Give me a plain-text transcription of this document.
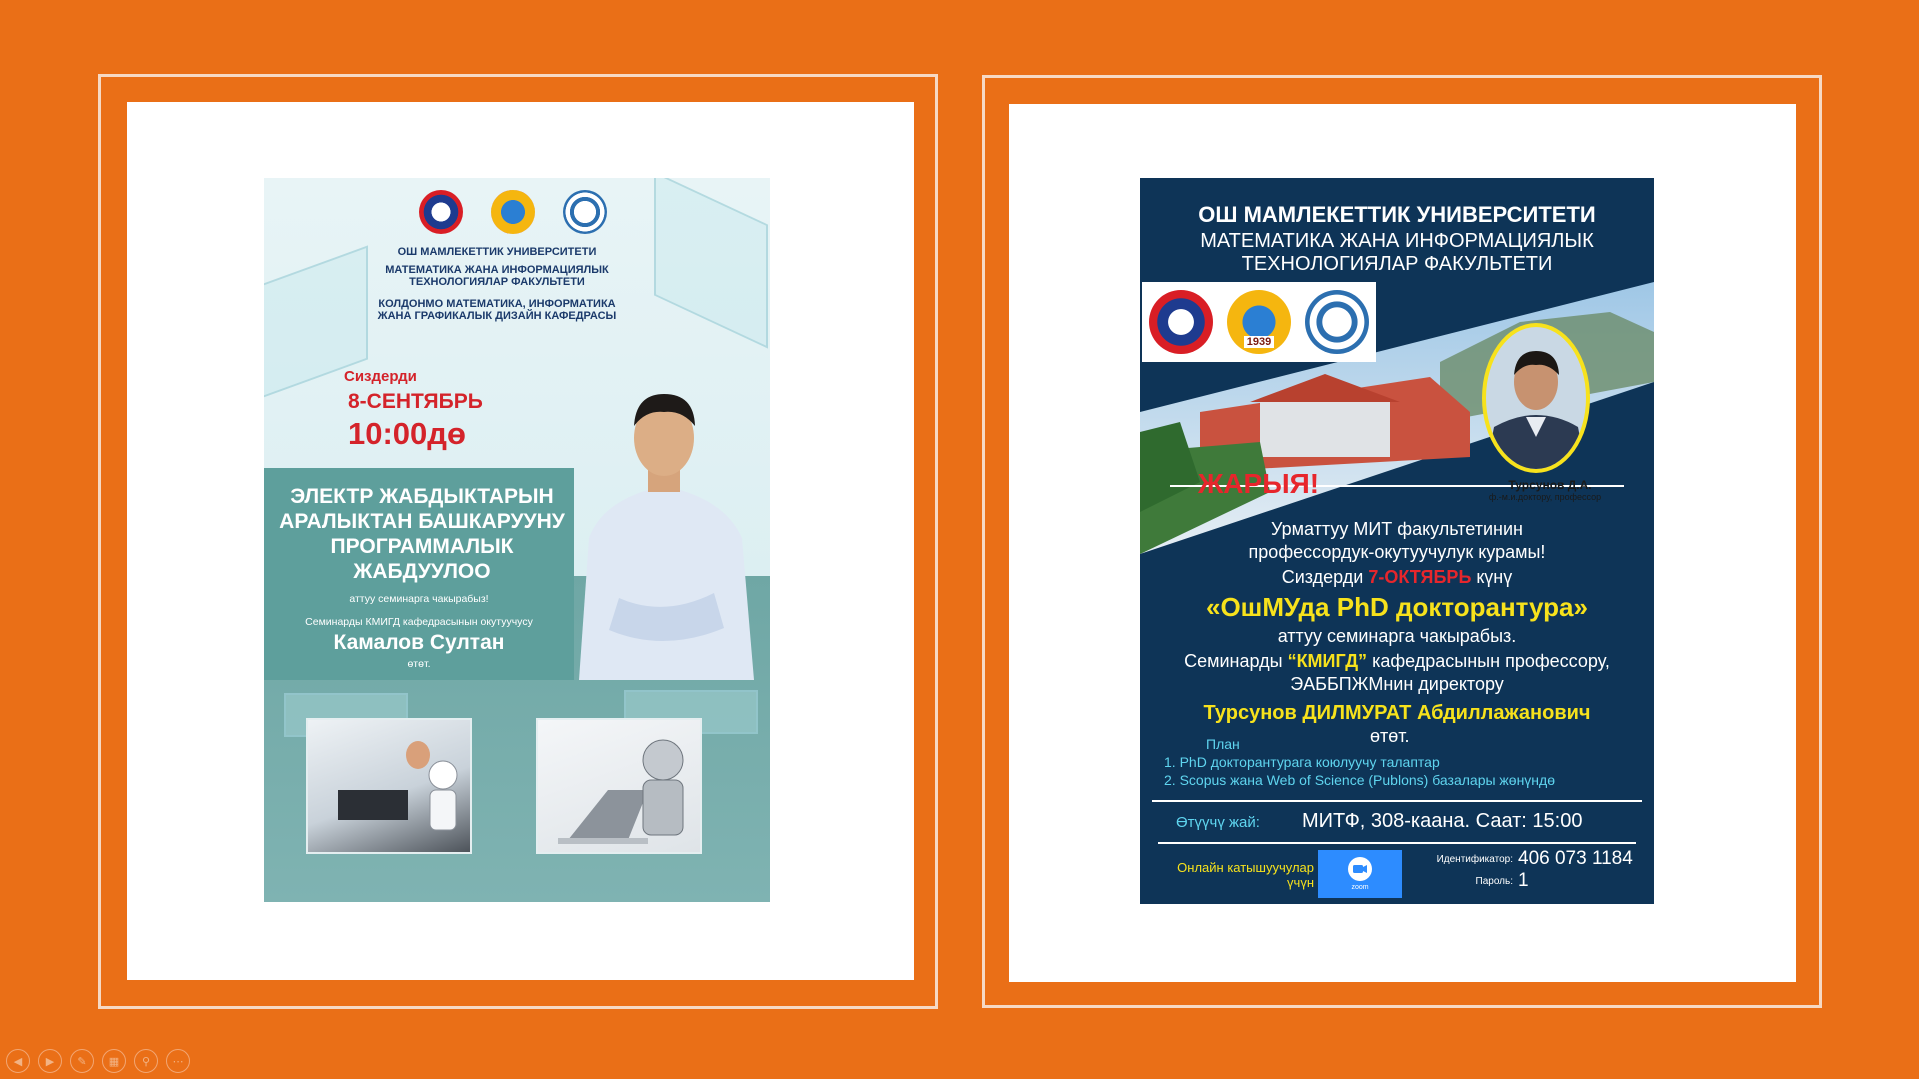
ОШ МАМЛЕКЕТТИК УНИВЕРСИТЕТИ
МАТЕМАТИКА ЖАНА ИНФОРМАЦИЯЛЫК
ТЕХНОЛОГИЯЛАР ФАКУЛЬТЕТИ
КОЛДОНМО МАТЕМАТИКА, ИНФОРМАТИКА
ЖАНА ГРАФИКАЛЫК ДИЗАЙН КАФЕДРАСЫ
Сиздерди
8-СЕНТЯБРЬ
10:00дө
ЭЛЕКТР ЖАБДЫКТАРЫН
АРАЛЫКТАН БАШКАРУУНУ
ПРОГРАММАЛЫК
ЖАБДУУЛОО
аттуу семинарга чакырабыз!
Семинарды КМИГД кафедрасынын окутуучусу
Камалов Султан
өтөт.
ОШ МАМЛЕКЕТТИК УНИВЕРСИТЕТИ
МАТЕМАТИКА ЖАНА ИНФОРМАЦИЯЛЫК
ТЕХНОЛОГИЯЛАР ФАКУЛЬТЕТИ
1939
ЖАРЫЯ!	Турсунов Д.А.
ф.-м.и.доктору, профессор
Урматтуу МИТ факультетинин
профессордук-окутуучулук курамы!
Сиздерди 7-ОКТЯБРЬ күнү
«ОшМУда PhD докторантура»
аттуу семинарга чакырабыз.
Семинарды “КМИГД” кафедрасынын профессору,
ЭАББПЖМнин директору
Турсунов ДИЛМУРАТ Абдиллажанович
өтөт.
План
1. PhD докторантурага коюлуучу талаптар
2. Scopus жана Web of Science (Publons) базалары жөнүндө
Өтүүчү жай: МИТФ, 308-каана. Саат: 15:00
Онлайн катышуучулар
үчүн	zoom
Идентификатор: 406 073 1184
Пароль: 1
◀ ▶ ✎ ▦ ⚲ ⋯
